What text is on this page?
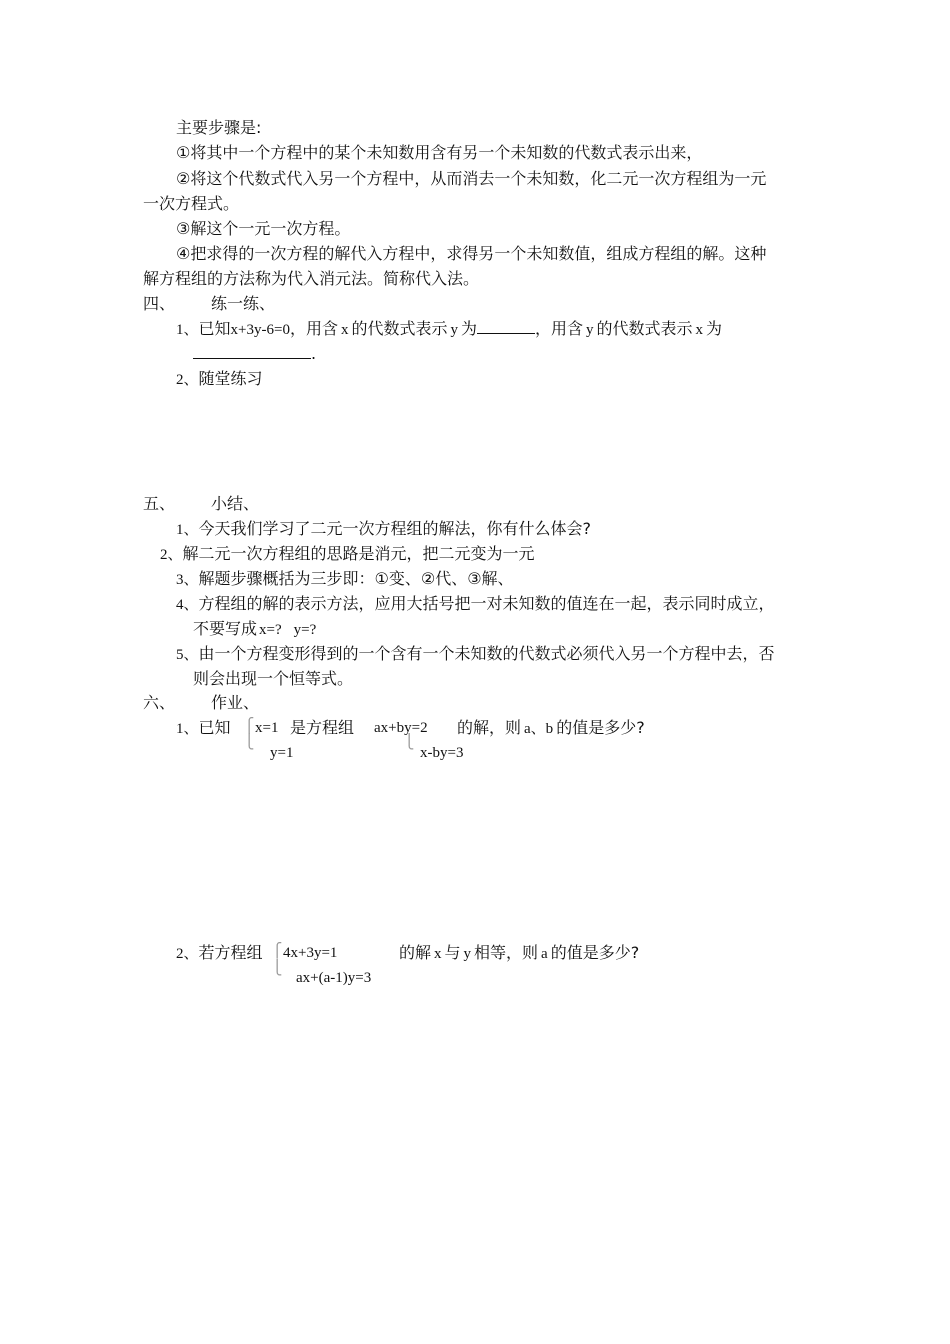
主要步骤是:
①将其中一个方程中的某个未知数用含有另一个未知数的代数式表示出来，
②将这个代数式代入另一个方程中，从而消去一个未知数，化二元一次方程组为一元
一次方程式。
③解这个一元一次方程。
④把求得的一次方程的解代入方程中，求得另一个未知数值，组成方程组的解。这种
解方程组的方法称为代入消元法。简称代入法。
四、 练一练、
1、已知x+3y-6=0，用含 x 的代数式表示 y 为	，用含 y 的代数式表示 x 为
.
2、随堂练习
五、 小结、
1、今天我们学习了二元一次方程组的解法，你有什么体会?
2、解二元一次方程组的思路是消元，把二元变为一元
3、解题步骤概括为三步即：①变、②代、③解、
4、方程组的解的表示方法，应用大括号把一对未知数的值连在一起，表示同时成立，
不要写成 x=? y=?
5、由一个方程变形得到的一个含有一个未知数的代数式必须代入另一个方程中去，否
则会出现一个恒等式。
六、 作业、
1、已知 ⎧
⎩
x=1
y=1
是方程组 ax+by=2
⎩
x-by=3
的解，则 a、b 的值是多少?
2、若方程组 ⎧
⎩
4x+3y=1
ax+(a-1)y=3
的解 x 与 y 相等，则 a 的值是多少?
